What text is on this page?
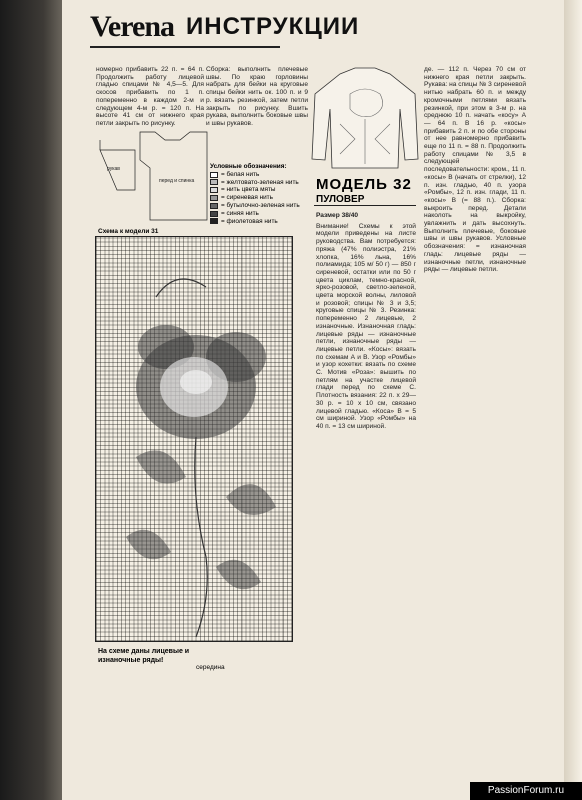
Verena ИНСТРУКЦИИ

номерно прибавить 22 п. = 64 п. Продолжить работу лицевой гладью спицами № 4,5—5. Для скосов прибавить по 1 п. попеременно в каждом 2-м и следующем 4-м р. = 120 п. На высоте 41 см от нижнего края петли закрыть по рисунку.

Сборка: выполнить плечевые швы. По краю горловины набрать для бейки на круговые спицы бейки нить ок. 100 п. и 9 р. вязать резинкой, затем петли закрыть по рисунку. Вшить рукава, выполнить боковые швы и швы рукавов.

рукав
перед и спинка
Условные обозначения:
= белая нить
= желтовато-зеленая нить
= нить цвета мяты
= сиреневая нить
= бутылочно-зеленая нить
= синяя нить
= фиолетовая нить
Схема к модели 31
На схеме даны лицевые и изнаночные ряды!
середина
МОДЕЛЬ 32
ПУЛОВЕР

Размер 38/40

Внимание! Схемы к этой модели приведены на листе руководства. Вам потребуется: пряжа (47% полиэстра, 21% хлопка, 16% льна, 16% полиамида; 105 м/ 50 г) — 850 г сиреневой, остатки или по 50 г цвета циклам, темно-красной, ярко-розовой, светло-зеленой, цвета морской волны, лиловой и розовой; спицы № 3 и 3,5; круговые спицы № 3. Резинка: попеременно 2 лицевые, 2 изнаночные. Изнаночная гладь: лицевые ряды — изнаночные петли, изнаночные ряды — лицевые петли. «Косы»: вязать по схемам А и В. Узор «Ромбы» и узор кохетки: вязать по схеме С. Мотив «Роза»: вышить по петлям на участке лицевой глади перед по схеме С. Плотность вязания: 22 п. х 29—30 р. = 10 х 10 см, связано лицевой гладью. «Коса» В = 5 см шириной. Узор «Ромбы» на 40 п. = 13 см шириной.

де. — 112 п. Через 70 см от нижнего края петли закрыть. Рукава: на спицы № 3 сиреневой нитью набрать 60 п. и между кромочными петлями вязать резинкой, при этом в 3-м р. на среднюю 10 п. начать «косу» А — 64 п. В 16 р. «косы» прибавить 2 п. и по обе стороны от нее равномерно прибавить еще по 11 п. = 88 п. Продолжить работу спицами № 3,5 в следующей последовательности: кром., 11 п. «косы» В (начать от стрелки), 12 п. изн. гладью, 40 п. узора «Ромбы», 12 п. изн. глади, 11 п. «косы» В (= 88 п.). Сборка: выкроить перед. Детали наколоть на выкройку, увлажнить и дать высохнуть. Выполнить плечевые, боковые швы и швы рукавов. Условные обозначения: = изнаночная гладь: лицевые ряды — изнаночные петли, изнаночные ряды — лицевые петли.

PassionForum.ru
